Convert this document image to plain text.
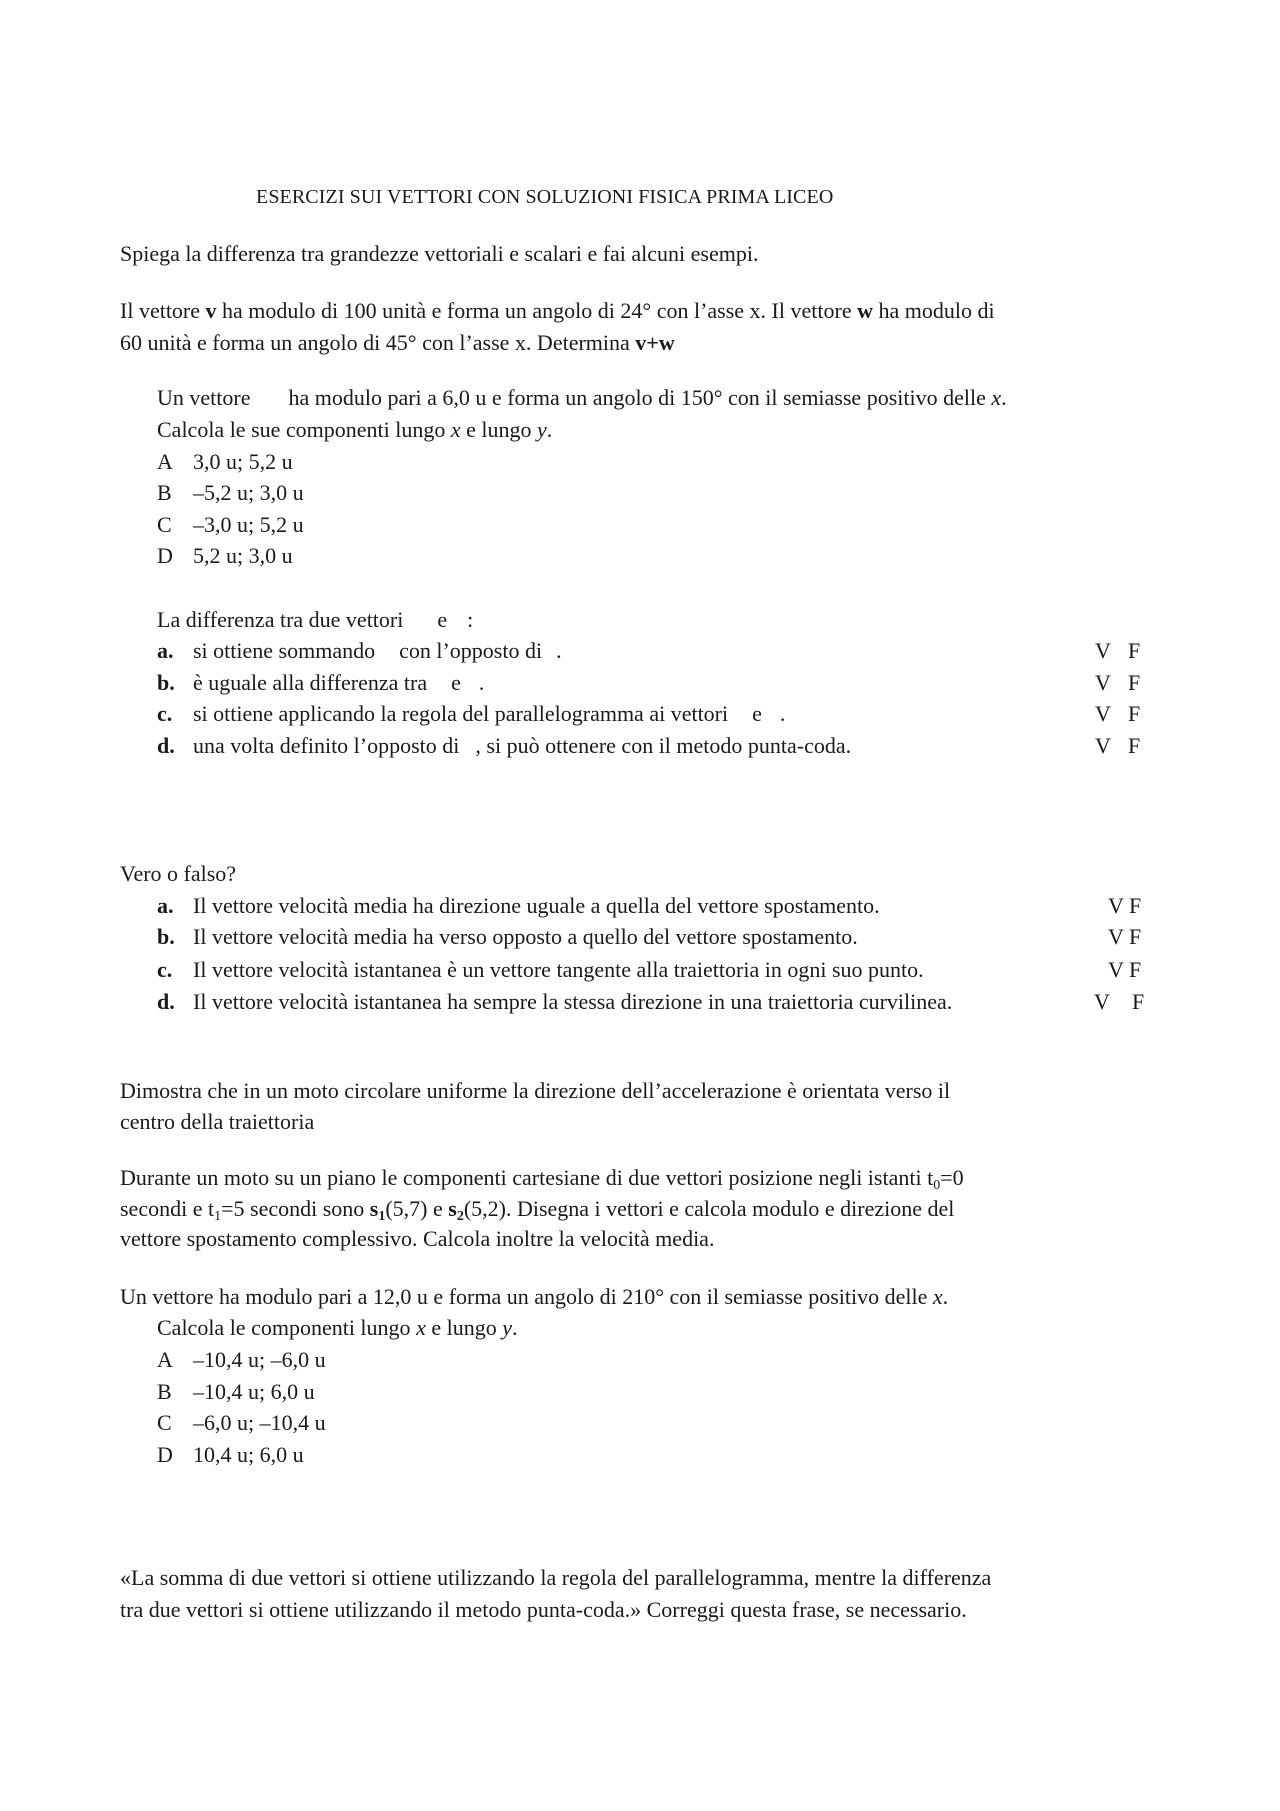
ESERCIZI SUI VETTORI CON SOLUZIONI FISICA PRIMA LICEO
Spiega la differenza tra grandezze vettoriali e scalari e fai alcuni esempi.
Il vettore v ha modulo di 100 unità e forma un angolo di 24° con l’asse x. Il vettore w ha modulo di
60 unità e forma un angolo di 45° con l’asse x. Determina v+w
Un vettore ha modulo pari a 6,0 u e forma un angolo di 150° con il semiasse positivo delle x.
Calcola le sue componenti lungo x e lungo y.
A 3,0 u; 5,2 u
B –5,2 u; 3,0 u
C –3,0 u; 5,2 u
D 5,2 u; 3,0 u
La differenza tra due vettori e :
a. si ottiene sommando con l’opposto di .
b. è uguale alla differenza tra e .
c. si ottiene applicando la regola del parallelogramma ai vettori e .
d. una volta definito l’opposto di , si può ottenere con il metodo punta-coda.
V F
V F
V F
V F
Vero o falso?
a. Il vettore velocità media ha direzione uguale a quella del vettore spostamento.
b. Il vettore velocità media ha verso opposto a quello del vettore spostamento.
c. Il vettore velocità istantanea è un vettore tangente alla traiettoria in ogni suo punto.
d. Il vettore velocità istantanea ha sempre la stessa direzione in una traiettoria curvilinea.
V F
V F
V F
V F
Dimostra che in un moto circolare uniforme la direzione dell’accelerazione è orientata verso il
centro della traiettoria
Durante un moto su un piano le componenti cartesiane di due vettori posizione negli istanti $t_0=0$
secondi e $t_1=5$ secondi sono $s_1(5,7)$ e $s_2(5,2)$. Disegna i vettori e calcola modulo e direzione del
vettore spostamento complessivo. Calcola inoltre la velocità media.
Un vettore ha modulo pari a 12,0 u e forma un angolo di 210° con il semiasse positivo delle x.
Calcola le componenti lungo x e lungo y.
A –10,4 u; –6,0 u
B –10,4 u; 6,0 u
C –6,0 u; –10,4 u
D 10,4 u; 6,0 u
«La somma di due vettori si ottiene utilizzando la regola del parallelogramma, mentre la differenza
tra due vettori si ottiene utilizzando il metodo punta-coda.» Correggi questa frase, se necessario.
